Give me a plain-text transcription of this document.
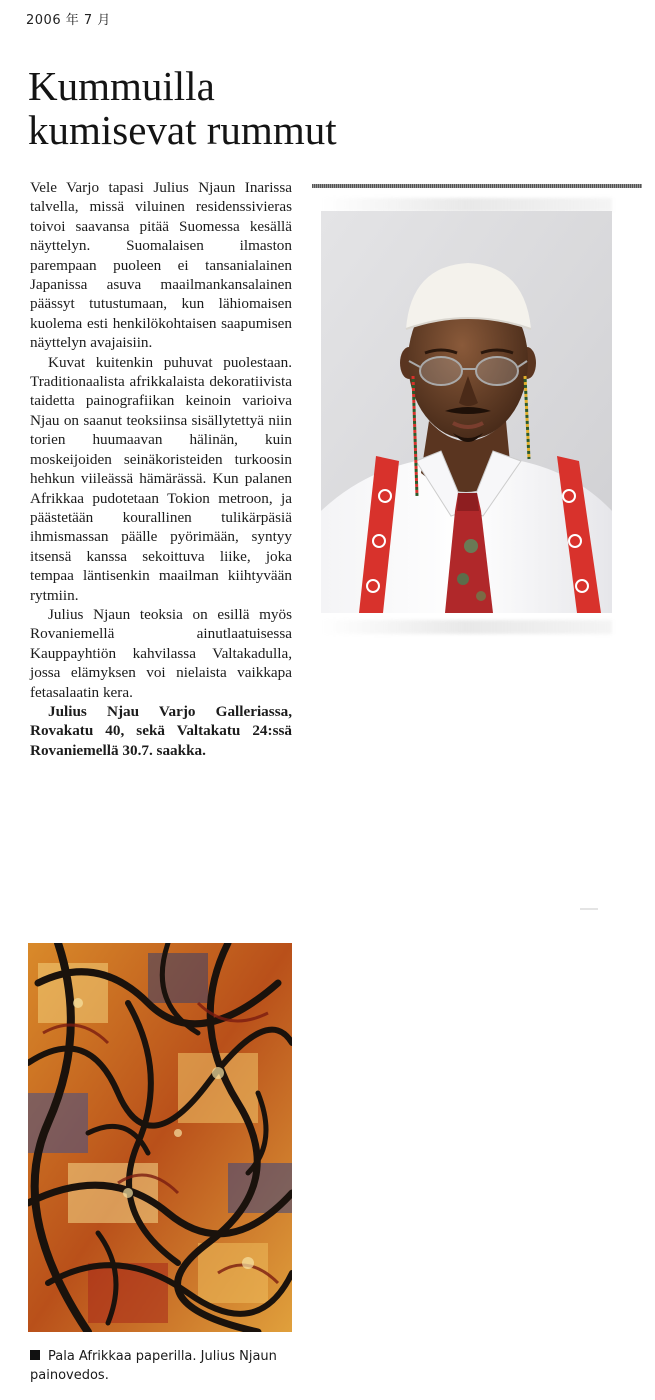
2006 年 7 月
Kummuilla
kumisevat rummut

Vele Varjo tapasi Julius Njaun Inarissa talvella, missä viluinen residenssivieras toivoi saavansa pitää Suomessa kesällä näyttelyn. Suomalaisen ilmaston parempaan puoleen ei tansanialainen Japanissa asuva maailmankansalainen päässyt tutustumaan, kun lähiomaisen kuolema esti henkilökohtaisen saapumisen näyttelyn avajaisiin.

Kuvat kuitenkin puhuvat puolestaan. Traditionaalista afrikkalaista dekoratiivista taidetta painografiikan keinoin varioiva Njau on saanut teoksiinsa sisällytettyä niin torien huumaavan hälinän, kuin moskeijoiden seinäkoristeiden turkoosin hehkun viileässä hämärässä. Kun palanen Afrikkaa pudotetaan Tokion metroon, ja päästetään kourallinen tulikärpäsiä ihmismassan päälle pyörimään, syntyy itsensä kanssa sekoittuva liike, joka tempaa läntisenkin maailman kiihtyvään rytmiin.

Julius Njaun teoksia on esillä myös Rovaniemellä ainutlaatuisessa Kauppayhtiön kahvilassa Valtakadulla, jossa elämyksen voi nielaista vaikkapa fetasalaatin kera.

Julius Njau Varjo Galleriassa, Rovakatu 40, sekä Valtakatu 24:ssä Rovaniemellä 30.7. saakka.

Pala Afrikkaa paperilla. Julius Njaun painovedos.
